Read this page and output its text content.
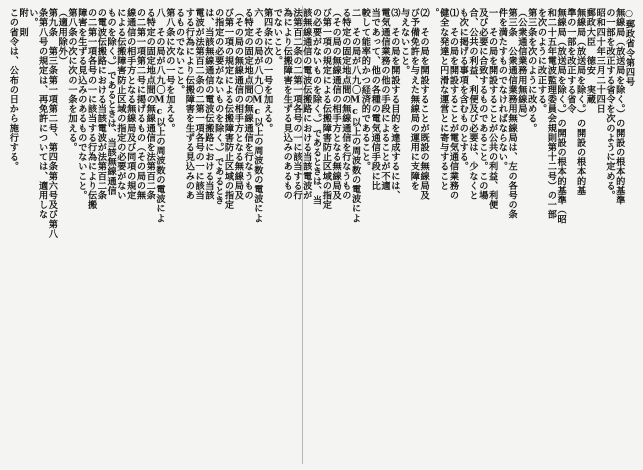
○郵政省令第四号
無線局（放送局を除く。）の開設の根本的基準
の一部を改正する省令を次のように定める。
昭和四十年三月二十四日
郵政大臣　徳安　実蔵
無線局（放送局を除く。）の開設の根本的基
準の一部を改正する省令
無線局（放送局を除く。）の開設の根本的基準（昭
和二十五年電波監理委員会規則第十二号）の一部
を次のように改正する。
第三条を次のように改める。
（公衆通信業務用無線局）
第三条　公衆通信業務用無線局は、左の各号の条
件を満たすものでなければならない。
一　その局を開設することが公共の利益、利便
及び必要に合致するものであること。この場
合、公共の利益、利便及び必要は、少なくと
も次に掲げる事項を含むものとする。
⑴　その局を開設することが電気通信業務の
健全な発達と円滑な運営とに寄与すること
。
⑵　その局を開設することが既設の無線局及
び予備免許を与えた無線局の運用に支障を
与えないこと。
⑶　その局を開設する目的を達成するには、
電気通信業務の他の手段によることが不適
当であって、他の各種の電気通信手段に比
較して能率的かつ経済的であること。
二　その局が八九〇Mc以上の周波数の電波によ
る特定の固定地点間の無線通信を行なうもの
（その局の無線通信の相手方となる無線局及
び第一項の規定による伝搬障害防止区域の指定
の必要がないものを除く。）であるときは、当
該無線通信の電波伝搬路における当該電波が
法第百二条の二第一項各号の一に該当する行
為により伝搬障害を生ずる見込みのあるもの
でないこと。
第四条に次の一号を加える。
六　その局が八九〇Mc以上の周波数の電波によ
る特定の固定地点間の無線通信を行なうもの
（その局の無線通信の相手方となる無線局及
び第一項の規定による伝搬障害防止区域の指定
の指定の必要がないものを除く。）であるとき
は、当該無線通信の電波伝搬路における当該
電波が法第百二条の二第一項各号の一に該当
する行為により伝搬障害を生ずる見込みのあ
るものでないこと。
第八条に次の一号を加える。
八　その局が八九〇Mc以上の周波数の電波によ
る特定の固定地点間の無線通信を法第百二条
の二第一項第二号に掲げるもの（その局の無
線通信の相手方となる無線局及び同項の規定
による伝搬障害防止区域の指定の必要がない
ものを除く。）であるときは、当該無線通信
の電波伝搬路における当該電波が法第百二条
の二第一項各号の一に該当する行為により伝搬
障害を生ずる見込みのあるものでないこと。
第八条の次に次の一条を加える。
（適用除外）
第九条　第三条第一項第二号、第四条第六号及び第八
条第八号の規定は、再免許については、適用しな
い。
附　則
この省令は、公布の日から施行する。
